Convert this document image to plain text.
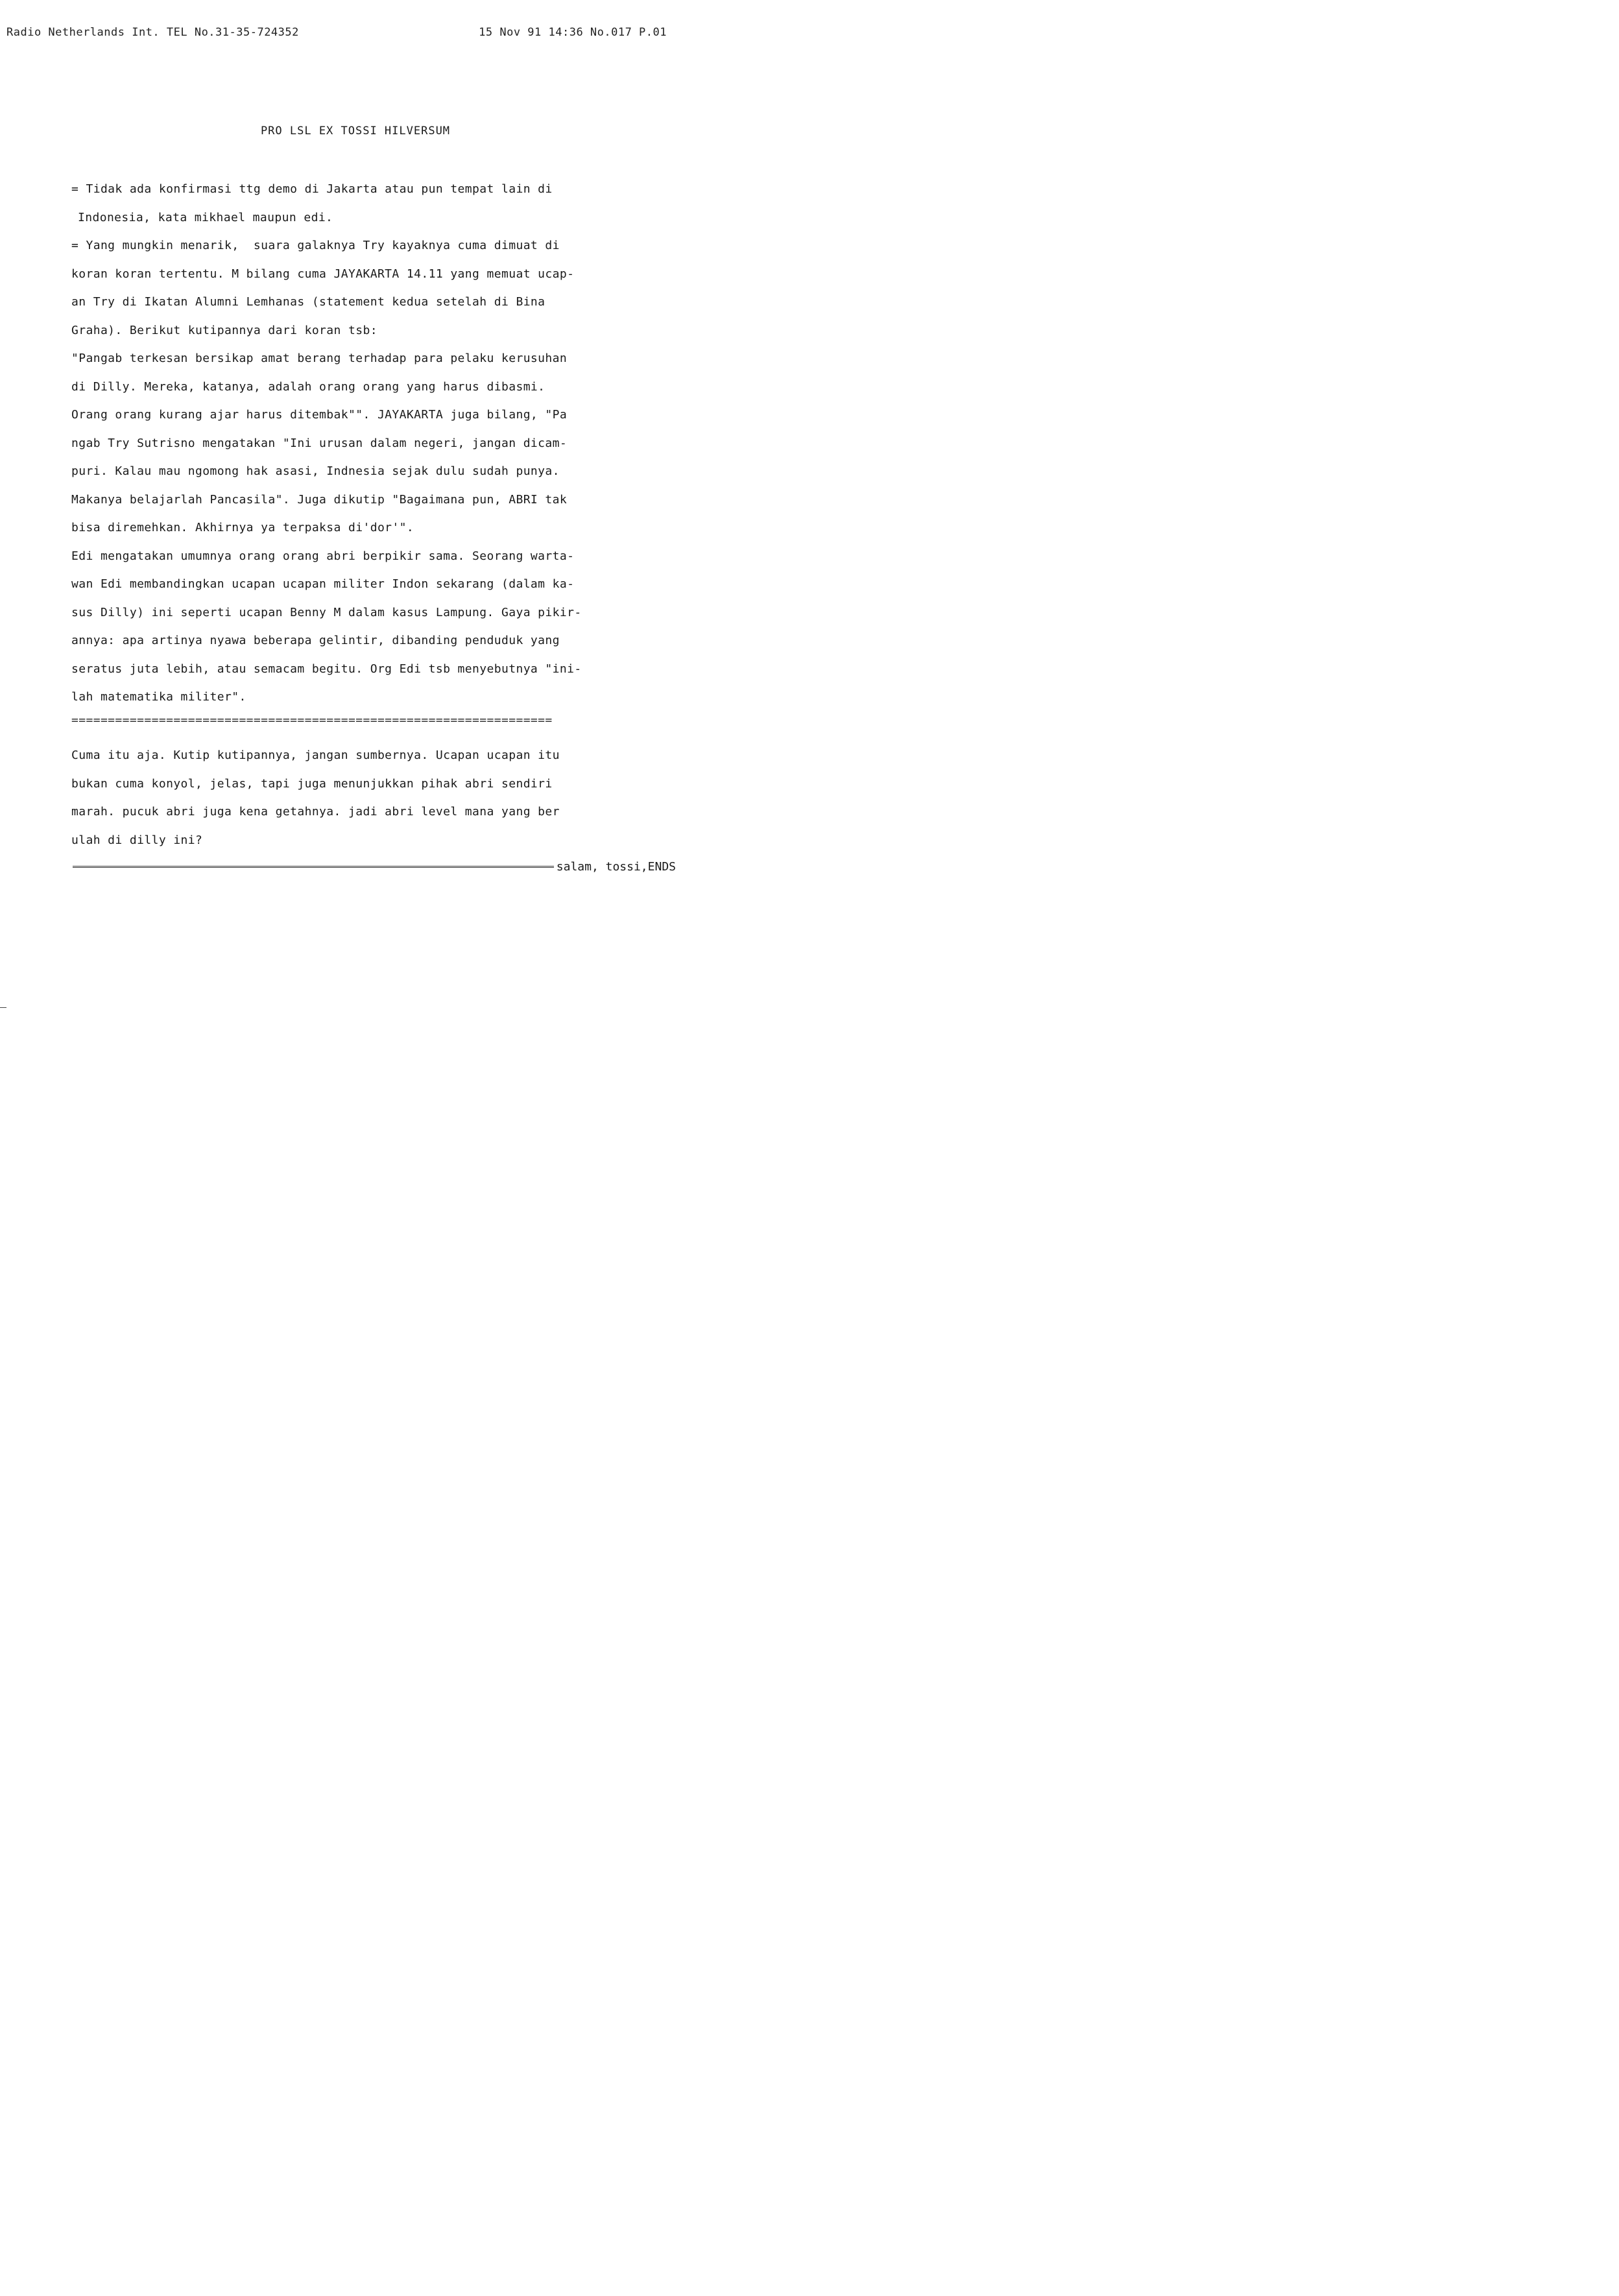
Radio Netherlands Int. TEL No.31-35-724352	15 Nov 91 14:36 No.017 P.01
PRO LSL EX TOSSI HILVERSUM
= Tidak ada konfirmasi ttg demo di Jakarta atau pun tempat lain di
Indonesia, kata mikhael maupun edi.
= Yang mungkin menarik,  suara galaknya Try kayaknya cuma dimuat di
koran koran tertentu. M bilang cuma JAYAKARTA 14.11 yang memuat ucap-
an Try di Ikatan Alumni Lemhanas (statement kedua setelah di Bina
Graha). Berikut kutipannya dari koran tsb:
"Pangab terkesan bersikap amat berang terhadap para pelaku kerusuhan
di Dilly. Mereka, katanya, adalah orang orang yang harus dibasmi.
Orang orang kurang ajar harus ditembak"". JAYAKARTA juga bilang, "Pa
ngab Try Sutrisno mengatakan "Ini urusan dalam negeri, jangan dicam-
puri. Kalau mau ngomong hak asasi, Indnesia sejak dulu sudah punya.
Makanya belajarlah Pancasila". Juga dikutip "Bagaimana pun, ABRI tak
bisa diremehkan. Akhirnya ya terpaksa di'dor'".
Edi mengatakan umumnya orang orang abri berpikir sama. Seorang warta-
wan Edi membandingkan ucapan ucapan militer Indon sekarang (dalam ka-
sus Dilly) ini seperti ucapan Benny M dalam kasus Lampung. Gaya pikir-
annya: apa artinya nyawa beberapa gelintir, dibanding penduduk yang
seratus juta lebih, atau semacam begitu. Org Edi tsb menyebutnya "ini-
lah matematika militer".
==================================================================
Cuma itu aja. Kutip kutipannya, jangan sumbernya. Ucapan ucapan itu
bukan cuma konyol, jelas, tapi juga menunjukkan pihak abri sendiri
marah. pucuk abri juga kena getahnya. jadi abri level mana yang ber
ulah di dilly ini?
salam, tossi,ENDS
